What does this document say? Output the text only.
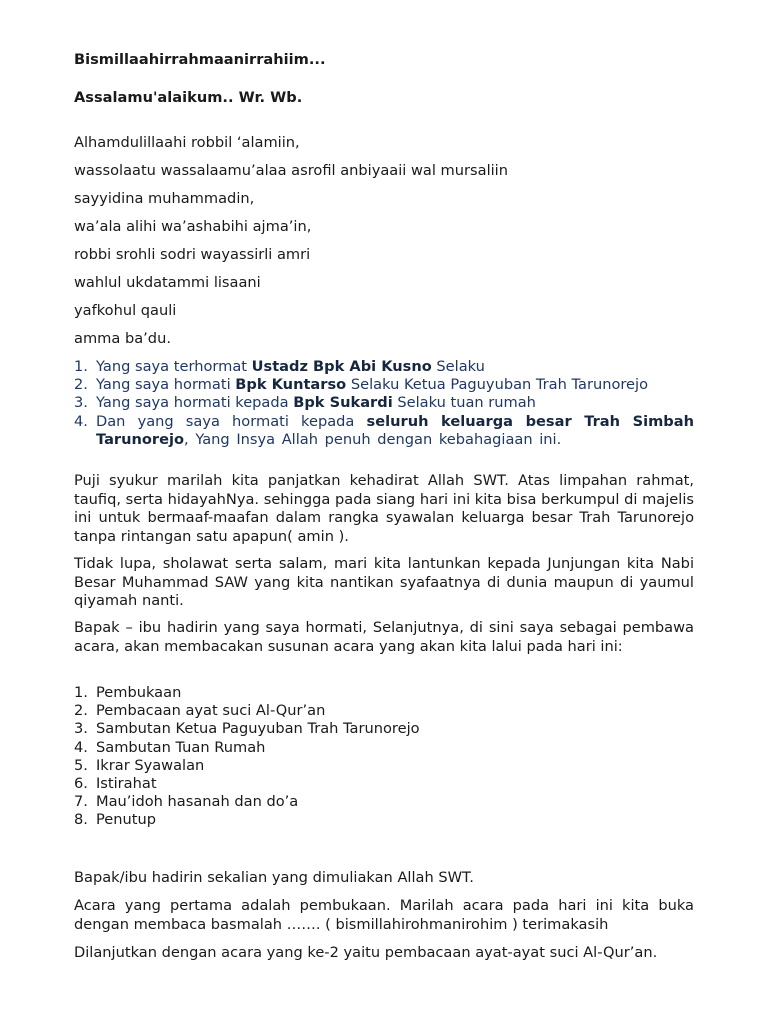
Bismillaahirrahmaanirrahiim...
Assalamu'alaikum.. Wr. Wb.
Alhamdulillaahi robbil ‘alamiin,
wassolaatu wassalaamu’alaa asrofil anbiyaaii wal mursaliin
sayyidina muhammadin,
wa’ala alihi wa’ashabihi ajma’in,
robbi srohli sodri wayassirli amri
wahlul ukdatammi lisaani
yafkohul qauli
amma ba’du.
1. Yang saya terhormat Ustadz Bpk Abi Kusno Selaku
2. Yang saya hormati Bpk Kuntarso Selaku Ketua Paguyuban Trah Tarunorejo
3. Yang saya hormati kepada Bpk Sukardi Selaku tuan rumah
4. Dan yang saya hormati kepada seluruh keluarga besar Trah Simbah Tarunorejo, Yang Insya Allah penuh dengan kebahagiaan ini.
Puji syukur marilah kita panjatkan kehadirat Allah SWT. Atas limpahan rahmat, taufiq, serta hidayahNya. sehingga pada siang hari ini kita bisa berkumpul di majelis ini untuk bermaaf-maafan dalam rangka syawalan keluarga besar Trah Tarunorejo tanpa rintangan satu apapun( amin ).
Tidak lupa, sholawat serta salam, mari kita lantunkan kepada Junjungan kita Nabi Besar Muhammad SAW yang kita nantikan syafaatnya di dunia maupun di yaumul qiyamah nanti.
Bapak – ibu hadirin yang saya hormati, Selanjutnya, di sini saya sebagai pembawa acara, akan membacakan susunan acara yang akan kita lalui pada hari ini:
1. Pembukaan
2. Pembacaan ayat suci Al-Qur’an
3. Sambutan Ketua Paguyuban Trah Tarunorejo
4. Sambutan Tuan Rumah
5. Ikrar Syawalan
6. Istirahat
7. Mau’idoh hasanah dan do’a
8. Penutup
Bapak/ibu hadirin sekalian yang dimuliakan Allah SWT.
Acara yang pertama adalah pembukaan. Marilah acara pada hari ini kita buka dengan membaca basmalah ……. ( bismillahirohmanirohim ) terimakasih
Dilanjutkan dengan acara yang ke-2 yaitu pembacaan ayat-ayat suci Al-Qur’an.
